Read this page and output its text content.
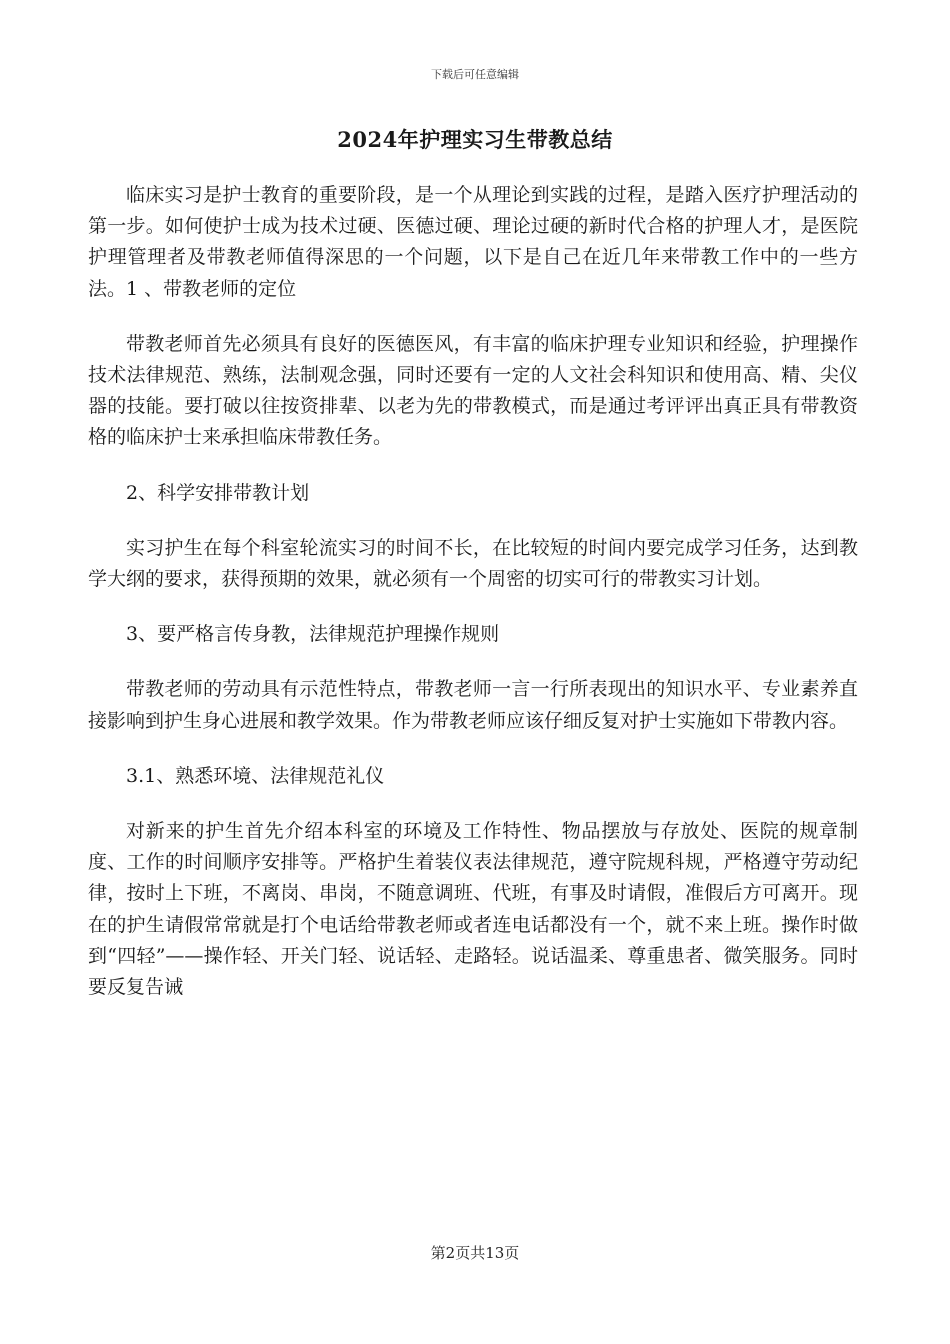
下载后可任意编辑
2024年护理实习生带教总结

临床实习是护士教育的重要阶段，是一个从理论到实践的过程，是踏入医疗护理活动的第一步。如何使护士成为技术过硬、医德过硬、理论过硬的新时代合格的护理人才，是医院护理管理者及带教老师值得深思的一个问题，以下是自己在近几年来带教工作中的一些方法。1 、带教老师的定位

带教老师首先必须具有良好的医德医风，有丰富的临床护理专业知识和经验，护理操作技术法律规范、熟练，法制观念强，同时还要有一定的人文社会科知识和使用高、精、尖仪器的技能。要打破以往按资排辈、以老为先的带教模式，而是通过考评评出真正具有带教资格的临床护士来承担临床带教任务。

2、科学安排带教计划

实习护生在每个科室轮流实习的时间不长，在比较短的时间内要完成学习任务，达到教学大纲的要求，获得预期的效果，就必须有一个周密的切实可行的带教实习计划。

3、要严格言传身教，法律规范护理操作规则

带教老师的劳动具有示范性特点，带教老师一言一行所表现出的知识水平、专业素养直接影响到护生身心进展和教学效果。作为带教老师应该仔细反复对护士实施如下带教内容。

3.1、熟悉环境、法律规范礼仪

对新来的护生首先介绍本科室的环境及工作特性、物品摆放与存放处、医院的规章制度、工作的时间顺序安排等。严格护生着装仪表法律规范，遵守院规科规，严格遵守劳动纪律，按时上下班，不离岗、串岗，不随意调班、代班，有事及时请假，准假后方可离开。现在的护生请假常常就是打个电话给带教老师或者连电话都没有一个，就不来上班。操作时做到“四轻”——操作轻、开关门轻、说话轻、走路轻。说话温柔、尊重患者、微笑服务。同时要反复告诫

第2页共13页
